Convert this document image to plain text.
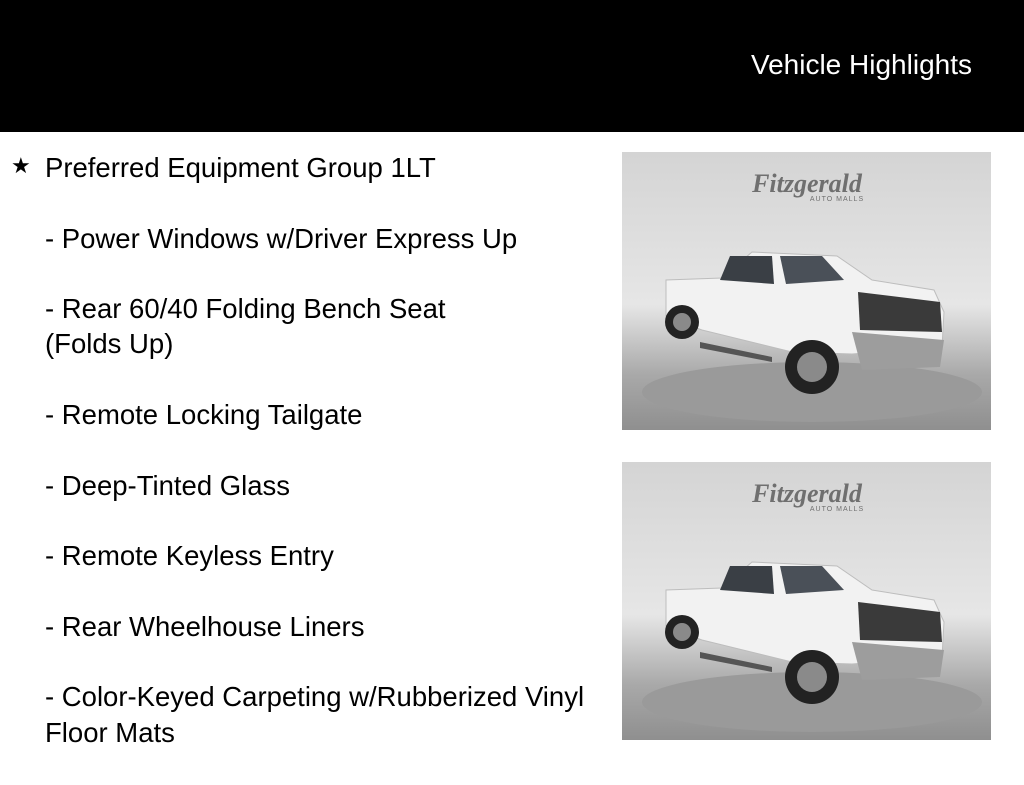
Vehicle Highlights
★ Preferred Equipment Group 1LT
- Power Windows w/Driver Express Up
- Rear 60/40 Folding Bench Seat (Folds Up)
- Remote Locking Tailgate
- Deep-Tinted Glass
- Remote Keyless Entry
- Rear Wheelhouse Liners
- Color-Keyed Carpeting w/Rubberized Vinyl Floor Mats
Fitzgerald
AUTO MALLS
Fitzgerald
AUTO MALLS
